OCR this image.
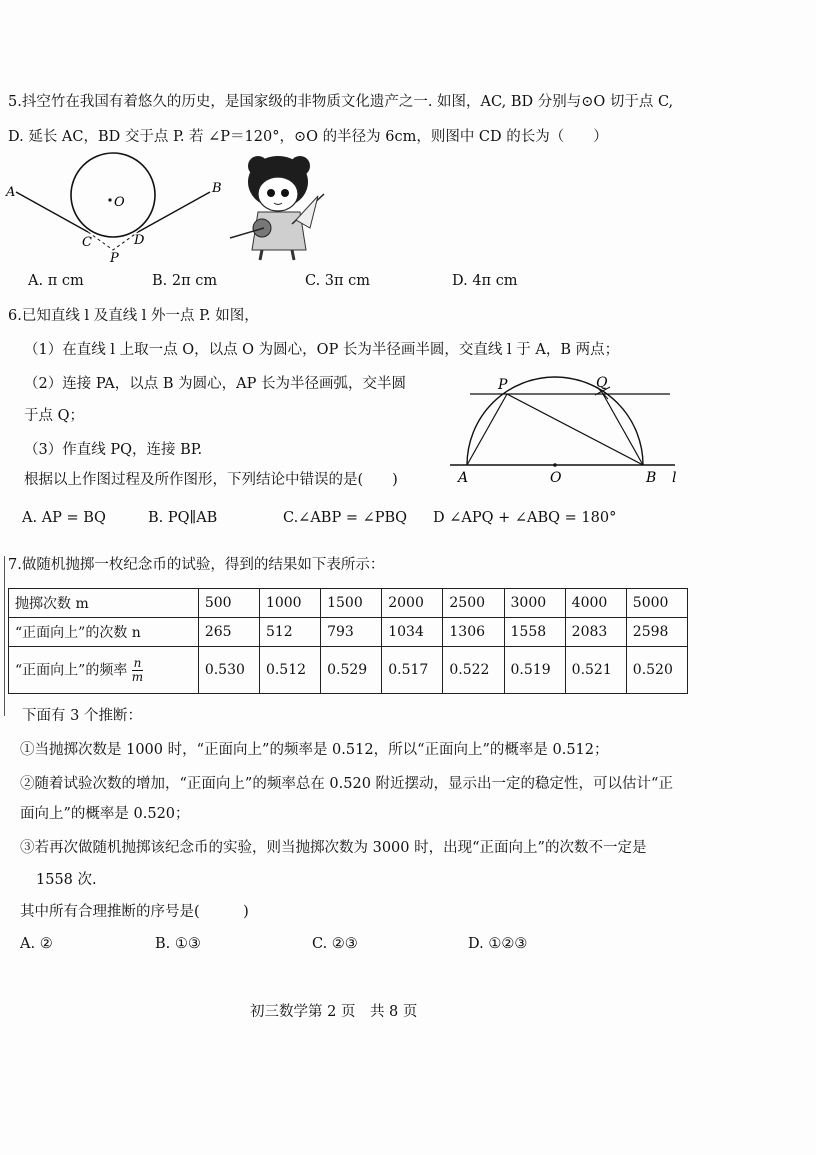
5.抖空竹在我国有着悠久的历史，是国家级的非物质文化遗产之一. 如图，AC, BD 分别与⊙O 切于点 C,
D. 延长 AC，BD 交于点 P. 若 ∠P＝120°，⊙O 的半径为 6cm，则图中 CD 的长为（　　）
A	B
O
C	D
P
A. π cm	B. 2π cm	C. 3π cm	D. 4π cm
6.已知直线 l 及直线 l 外一点 P. 如图，
（1）在直线 l 上取一点 O，以点 O 为圆心，OP 长为半径画半圆，交直线 l 于 A，B 两点；
（2）连接 PA，以点 B 为圆心，AP 长为半径画弧，交半圆
于点 Q；
（3）作直线 PQ，连接 BP.
根据以上作图过程及所作图形，下列结论中错误的是(　　)
P	Q
A	O	B l
A. AP = BQ	B. PQ∥AB	C.∠ABP = ∠PBQ D ∠APQ + ∠ABQ = 180°
7.做随机抛掷一枚纪念币的试验，得到的结果如下表所示：
抛掷次数 m	500	1000	1500	2000	2500	3000	4000	5000
“正面向上”的次数 n	265	512	793	1034	1306	1558	2083	2598
“正面向上”的频率 $\frac{n}{m}$	0.530	0.512	0.529	0.517	0.522	0.519	0.521	0.520
下面有 3 个推断：
①当抛掷次数是 1000 时，“正面向上”的频率是 0.512，所以“正面向上”的概率是 0.512；
②随着试验次数的增加，“正面向上”的频率总在 0.520 附近摆动，显示出一定的稳定性，可以估计“正
面向上”的概率是 0.520；
③若再次做随机抛掷该纪念币的实验，则当抛掷次数为 3000 时，出现“正面向上”的次数不一定是
1558 次.
其中所有合理推断的序号是(　　　)
A. ②	B. ①③	C. ②③	D. ①②③
初三数学第 2 页　共 8 页
